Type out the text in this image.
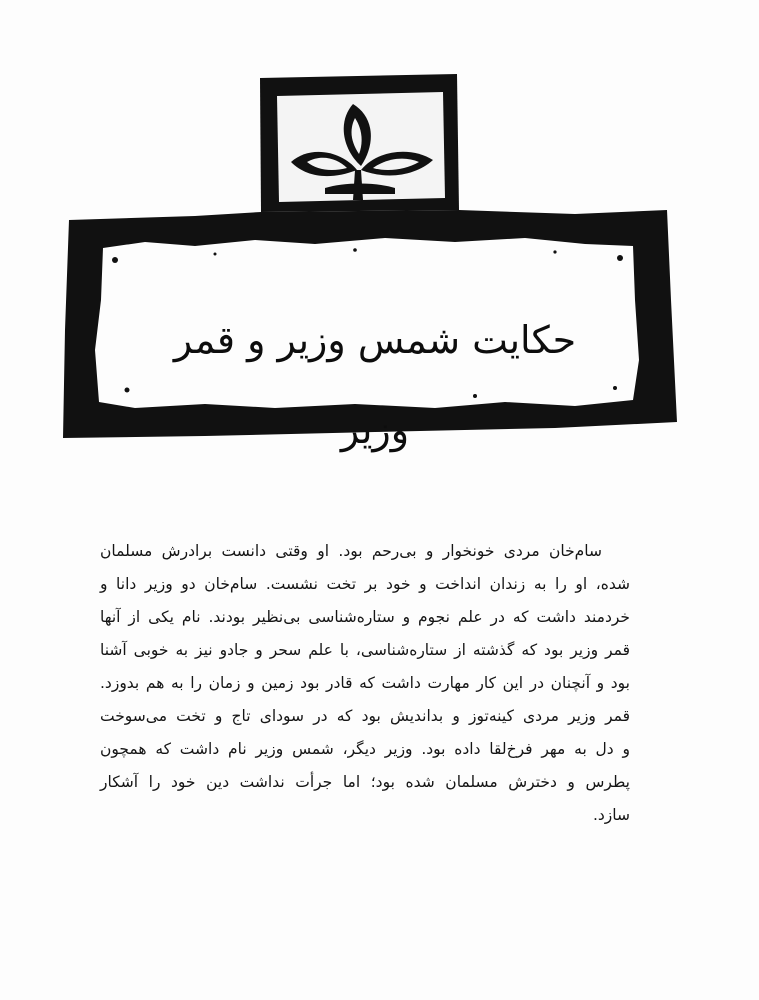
حکایت شمس وزیر و قمر وزیر
سام‌خان مردی خونخوار و بی‌رحم بود. او وقتی دانست برادرش مسلمان
شده، او را به زندان انداخت و خود بر تخت نشست. سام‌خان دو وزیر دانا و
خردمند داشت که در علم نجوم و ستاره‌شناسی بی‌نظیر بودند. نام یکی از آنها
قمر وزیر بود که گذشته از ستاره‌شناسی، با علم سحر و جادو نیز به خوبی آشنا
بود و آنچنان در این کار مهارت داشت که قادر بود زمین و زمان را به هم بدوزد.
قمر وزیر مردی کینه‌توز و بداندیش بود که در سودای تاج و تخت می‌سوخت
و دل به مهر فرخ‌لقا داده بود. وزیر دیگر، شمس وزیر نام داشت که همچون
پطرس و دخترش مسلمان شده بود؛ اما جرأت نداشت دین خود را آشکار
سازد.
